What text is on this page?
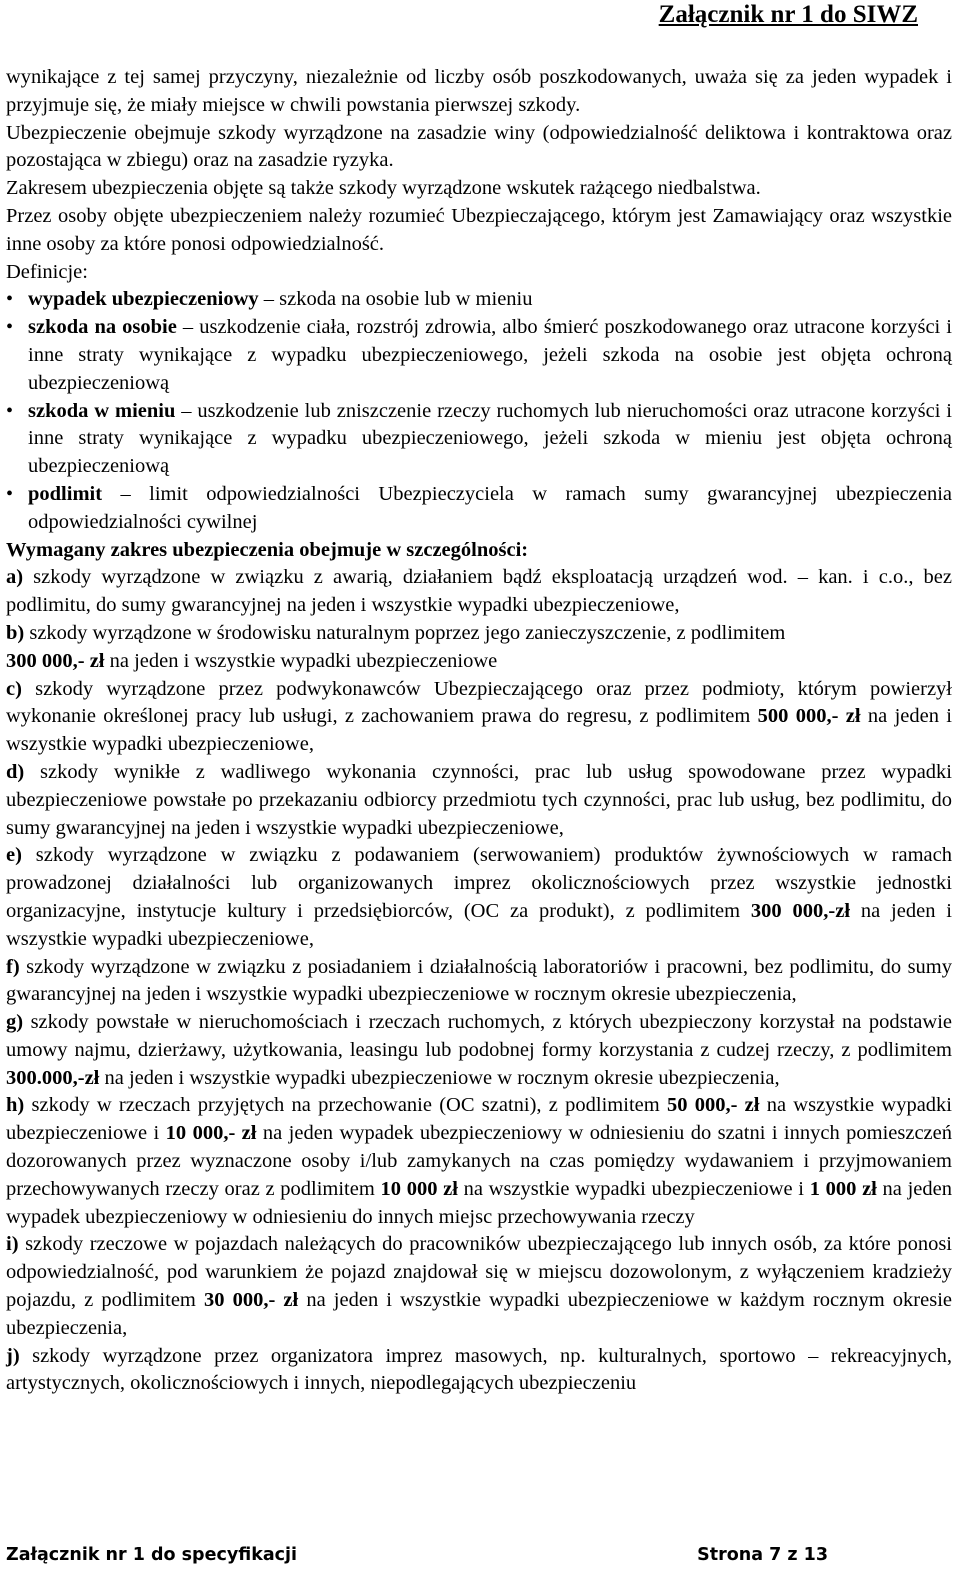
Załącznik nr 1 do SIWZ

wynikające z tej samej przyczyny, niezależnie od liczby osób poszkodowanych, uważa się za jeden wypadek i przyjmuje się, że miały miejsce w chwili powstania pierwszej szkody.

Ubezpieczenie obejmuje szkody wyrządzone na zasadzie winy (odpowiedzialność deliktowa i kontraktowa oraz pozostająca w zbiegu) oraz na zasadzie ryzyka.

Zakresem ubezpieczenia objęte są także szkody wyrządzone wskutek rażącego niedbalstwa.

Przez osoby objęte ubezpieczeniem należy rozumieć Ubezpieczającego, którym jest Zamawiający oraz wszystkie inne osoby za które ponosi odpowiedzialność.

Definicje:

• wypadek ubezpieczeniowy – szkoda na osobie lub w mieniu
• szkoda na osobie – uszkodzenie ciała, rozstrój zdrowia, albo śmierć poszkodowanego oraz utracone korzyści i inne straty wynikające z wypadku ubezpieczeniowego, jeżeli szkoda na osobie jest objęta ochroną ubezpieczeniową
• szkoda w mieniu – uszkodzenie lub zniszczenie rzeczy ruchomych lub nieruchomości oraz utracone korzyści i inne straty wynikające z wypadku ubezpieczeniowego, jeżeli szkoda w mieniu jest objęta ochroną ubezpieczeniową
• podlimit – limit odpowiedzialności Ubezpieczyciela w ramach sumy gwarancyjnej ubezpieczenia odpowiedzialności cywilnej

Wymagany zakres ubezpieczenia obejmuje w szczególności:

a) szkody wyrządzone w związku z awarią, działaniem bądź eksploatacją urządzeń wod. – kan. i c.o., bez podlimitu, do sumy gwarancyjnej na jeden i wszystkie wypadki ubezpieczeniowe,

b) szkody wyrządzone w środowisku naturalnym poprzez jego zanieczyszczenie, z podlimitem
300 000,- zł na jeden i wszystkie wypadki ubezpieczeniowe

c) szkody wyrządzone przez podwykonawców Ubezpieczającego oraz przez podmioty, którym powierzył wykonanie określonej pracy lub usługi, z zachowaniem prawa do regresu, z podlimitem 500 000,- zł na jeden i wszystkie wypadki ubezpieczeniowe,

d) szkody wynikłe z wadliwego wykonania czynności, prac lub usług spowodowane przez wypadki ubezpieczeniowe powstałe po przekazaniu odbiorcy przedmiotu tych czynności, prac lub usług, bez podlimitu, do sumy gwarancyjnej na jeden i wszystkie wypadki ubezpieczeniowe,

e) szkody wyrządzone w związku z podawaniem (serwowaniem) produktów żywnościowych w ramach prowadzonej działalności lub organizowanych imprez okolicznościowych przez wszystkie jednostki organizacyjne, instytucje kultury i przedsiębiorców, (OC za produkt), z podlimitem 300 000,-zł na jeden i wszystkie wypadki ubezpieczeniowe,

f) szkody wyrządzone w związku z posiadaniem i działalnością laboratoriów i pracowni, bez podlimitu, do sumy gwarancyjnej na jeden i wszystkie wypadki ubezpieczeniowe w rocznym okresie ubezpieczenia,

g) szkody powstałe w nieruchomościach i rzeczach ruchomych, z których ubezpieczony korzystał na podstawie umowy najmu, dzierżawy, użytkowania, leasingu lub podobnej formy korzystania z cudzej rzeczy, z podlimitem 300.000,-zł na jeden i wszystkie wypadki ubezpieczeniowe w rocznym okresie ubezpieczenia,

h) szkody w rzeczach przyjętych na przechowanie (OC szatni), z podlimitem 50 000,- zł na wszystkie wypadki ubezpieczeniowe i 10 000,- zł na jeden wypadek ubezpieczeniowy w odniesieniu do szatni i innych pomieszczeń dozorowanych przez wyznaczone osoby i/lub zamykanych na czas pomiędzy wydawaniem i przyjmowaniem przechowywanych rzeczy oraz z podlimitem 10 000 zł na wszystkie wypadki ubezpieczeniowe i 1 000 zł na jeden wypadek ubezpieczeniowy w odniesieniu do innych miejsc przechowywania rzeczy

i) szkody rzeczowe w pojazdach należących do pracowników ubezpieczającego lub innych osób, za które ponosi odpowiedzialność, pod warunkiem że pojazd znajdował się w miejscu dozowolonym, z wyłączeniem kradzieży pojazdu, z podlimitem 30 000,- zł na jeden i wszystkie wypadki ubezpieczeniowe w każdym rocznym okresie ubezpieczenia,

j) szkody wyrządzone przez organizatora imprez masowych, np. kulturalnych, sportowo – rekreacyjnych, artystycznych, okolicznościowych i innych, niepodlegających ubezpieczeniu

Załącznik nr 1 do specyfikacji	Strona 7 z 13
